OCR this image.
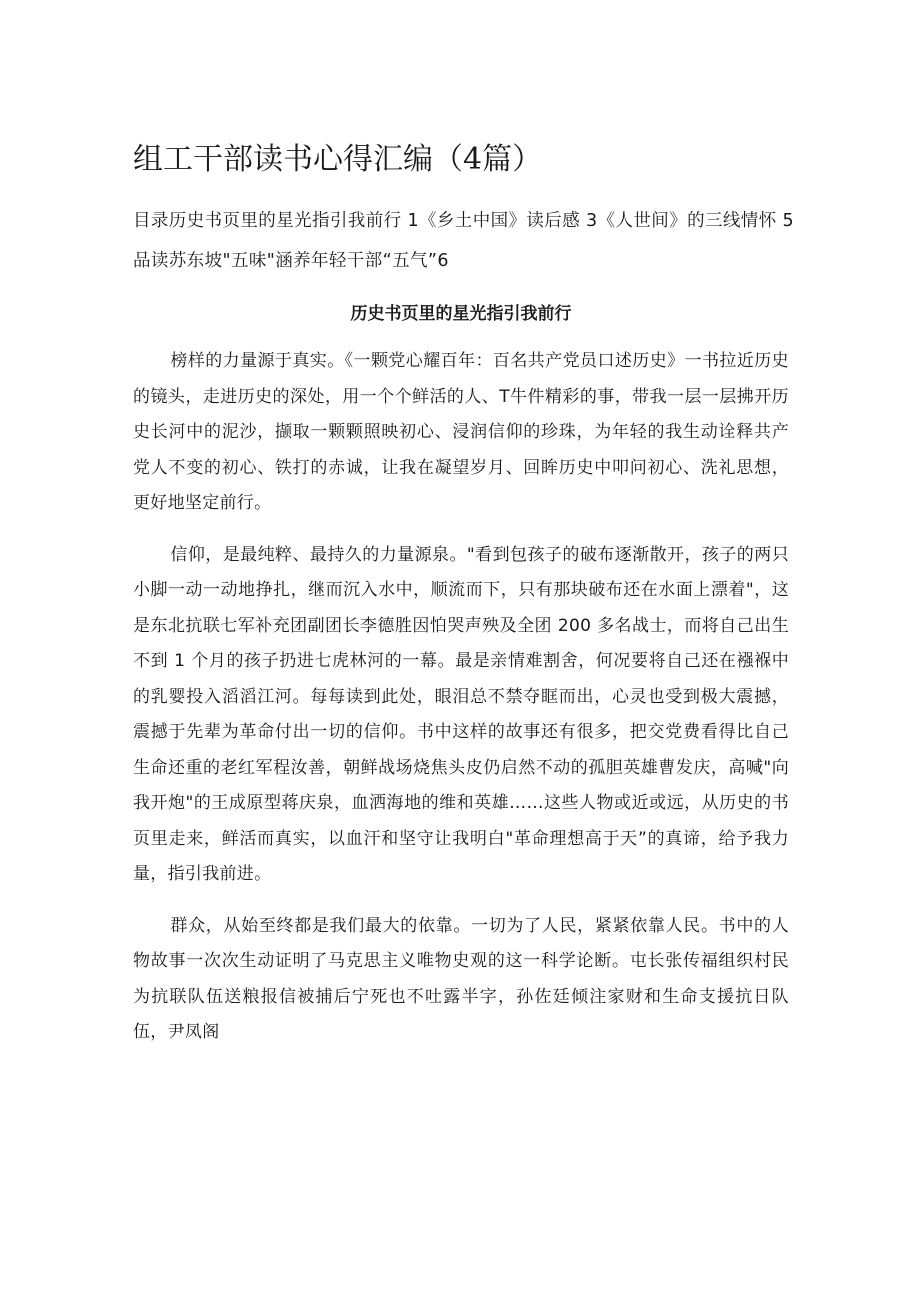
组工干部读书心得汇编（4篇）

目录历史书页里的星光指引我前行 1《乡土中国》读后感 3《人世间》的三线情怀 5 品读苏东坡"五味"涵养年轻干部“五气”6

历史书页里的星光指引我前行

榜样的力量源于真实。《一颗党心耀百年：百名共产党员口述历史》一书拉近历史的镜头，走进历史的深处，用一个个鲜活的人、T牛件精彩的事，带我一层一层拂开历史长河中的泥沙，撷取一颗颗照映初心、浸润信仰的珍珠，为年轻的我生动诠释共产党人不变的初心、铁打的赤诚，让我在凝望岁月、回眸历史中叩问初心、洗礼思想，更好地坚定前行。

信仰，是最纯粹、最持久的力量源泉。"看到包孩子的破布逐渐散开，孩子的两只小脚一动一动地挣扎，继而沉入水中，顺流而下，只有那块破布还在水面上漂着"，这是东北抗联七军补充团副团长李德胜因怕哭声殃及全团 200 多名战士，而将自己出生不到 1 个月的孩子扔进七虎林河的一幕。最是亲情难割舍，何况要将自己还在襁褓中的乳婴投入滔滔江河。每每读到此处，眼泪总不禁夺眶而出，心灵也受到极大震撼，震撼于先辈为革命付出一切的信仰。书中这样的故事还有很多，把交党费看得比自己生命还重的老红军程汝善，朝鲜战场烧焦头皮仍启然不动的孤胆英雄曹发庆，高喊"向我开炮"的王成原型蒋庆泉，血洒海地的维和英雄……这些人物或近或远，从历史的书页里走来，鲜活而真实，以血汗和坚守让我明白"革命理想高于天”的真谛，给予我力量，指引我前进。

群众，从始至终都是我们最大的依靠。一切为了人民，紧紧依靠人民。书中的人物故事一次次生动证明了马克思主义唯物史观的这一科学论断。屯长张传福组织村民为抗联队伍送粮报信被捕后宁死也不吐露半字，孙佐廷倾注家财和生命支援抗日队伍，尹凤阁
